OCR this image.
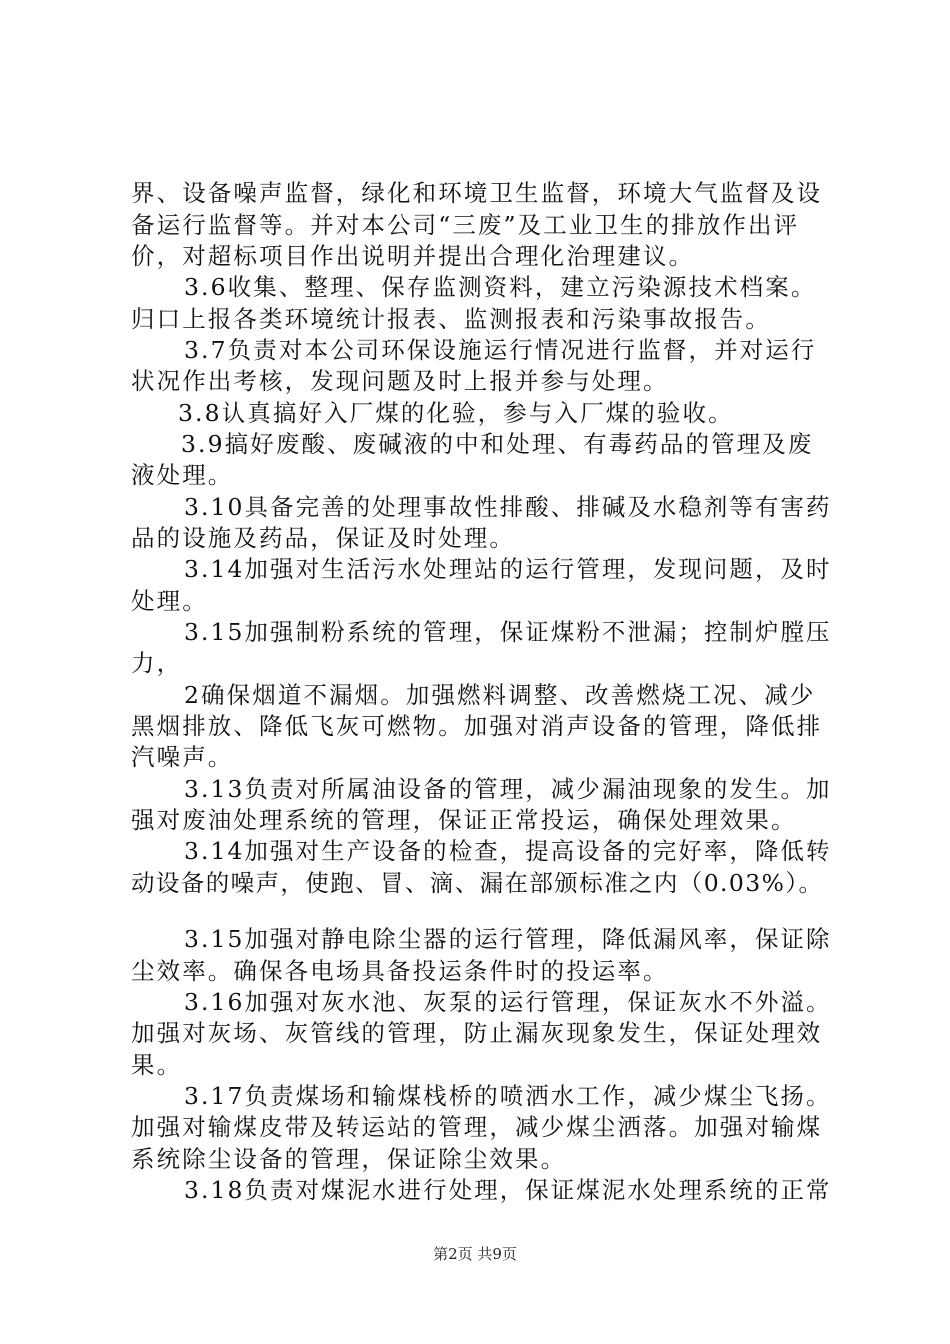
界、设备噪声监督，绿化和环境卫生监督，环境大气监督及设
备运行监督等。并对本公司“三废”及工业卫生的排放作出评
价，对超标项目作出说明并提出合理化治理建议。
3.6收集、整理、保存监测资料，建立污染源技术档案。
归口上报各类环境统计报表、监测报表和污染事故报告。
3.7负责对本公司环保设施运行情况进行监督，并对运行
状况作出考核，发现问题及时上报并参与处理。
3.8认真搞好入厂煤的化验，参与入厂煤的验收。
3.9搞好废酸、废碱液的中和处理、有毒药品的管理及废
液处理。
3.10具备完善的处理事故性排酸、排碱及水稳剂等有害药
品的设施及药品，保证及时处理。
3.14加强对生活污水处理站的运行管理，发现问题，及时
处理。
3.15加强制粉系统的管理，保证煤粉不泄漏；控制炉膛压
力，
2确保烟道不漏烟。加强燃料调整、改善燃烧工况、减少
黑烟排放、降低飞灰可燃物。加强对消声设备的管理，降低排
汽噪声。
3.13负责对所属油设备的管理，减少漏油现象的发生。加
强对废油处理系统的管理，保证正常投运，确保处理效果。
3.14加强对生产设备的检查，提高设备的完好率，降低转
动设备的噪声，使跑、冒、滴、漏在部颁标准之内（0.03%）。
3.15加强对静电除尘器的运行管理，降低漏风率，保证除
尘效率。确保各电场具备投运条件时的投运率。
3.16加强对灰水池、灰泵的运行管理，保证灰水不外溢。
加强对灰场、灰管线的管理，防止漏灰现象发生，保证处理效
果。
3.17负责煤场和输煤栈桥的喷洒水工作，减少煤尘飞扬。
加强对输煤皮带及转运站的管理，减少煤尘洒落。加强对输煤
系统除尘设备的管理，保证除尘效果。
3.18负责对煤泥水进行处理，保证煤泥水处理系统的正常
第2页 共9页
